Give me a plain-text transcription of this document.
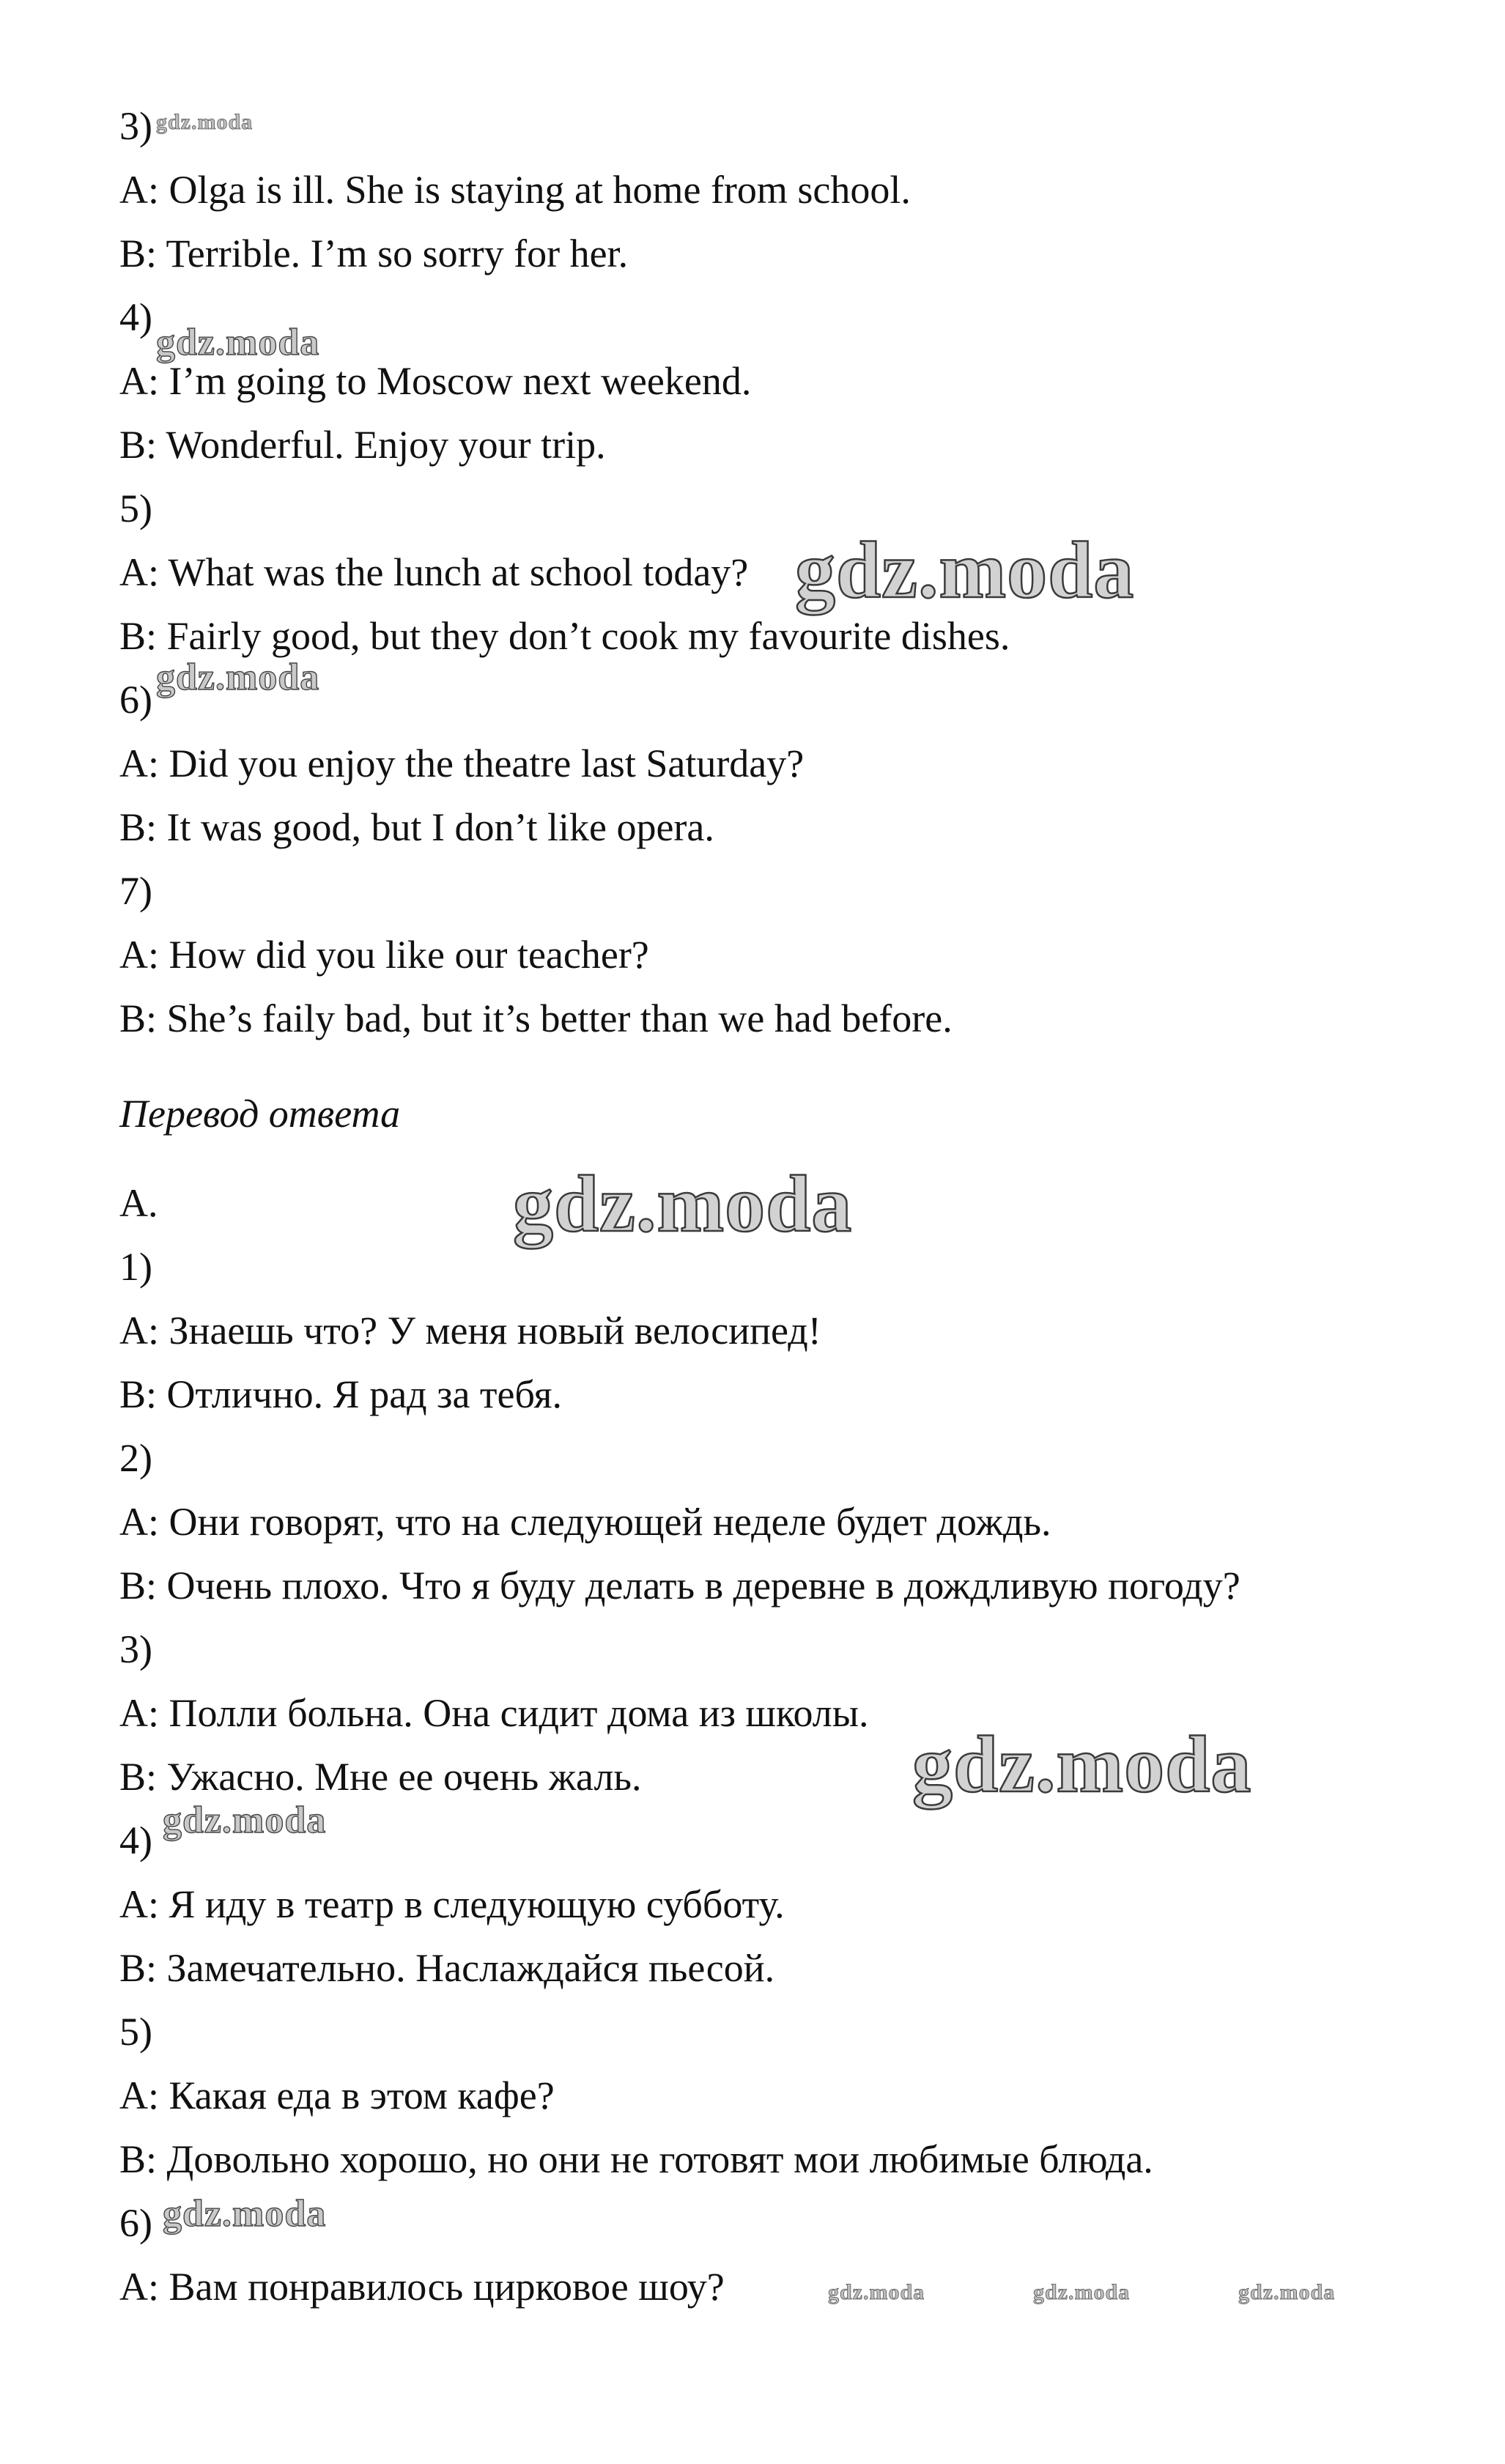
3)
A: Olga is ill. She is staying at home from school.
B: Terrible. I’m so sorry for her.
4)
A: I’m going to Moscow next weekend.
B: Wonderful. Enjoy your trip.
5)
A: What was the lunch at school today?
B: Fairly good, but they don’t cook my favourite dishes.
6)
A: Did you enjoy the theatre last Saturday?
B: It was good, but I don’t like opera.
7)
A: How did you like our teacher?
B: She’s faily bad, but it’s better than we had before.
Перевод ответа
A.
1)
A: Знаешь что? У меня новый велосипед!
B: Отлично. Я рад за тебя.
2)
A: Они говорят, что на следующей неделе будет дождь.
B: Очень плохо. Что я буду делать в деревне в дождливую погоду?
3)
A: Полли больна. Она сидит дома из школы.
B: Ужасно. Мне ее очень жаль.
4)
A: Я иду в театр в следующую субботу.
B: Замечательно. Наслаждайся пьесой.
5)
A: Какая еда в этом кафе?
B: Довольно хорошо, но они не готовят мои любимые блюда.
6)
A: Вам понравилось цирковое шоу?
gdz.moda
gdz.moda
gdz.moda
gdz.moda
gdz.moda
gdz.moda
gdz.moda
gdz.moda
gdz.moda	gdz.moda	gdz.moda
